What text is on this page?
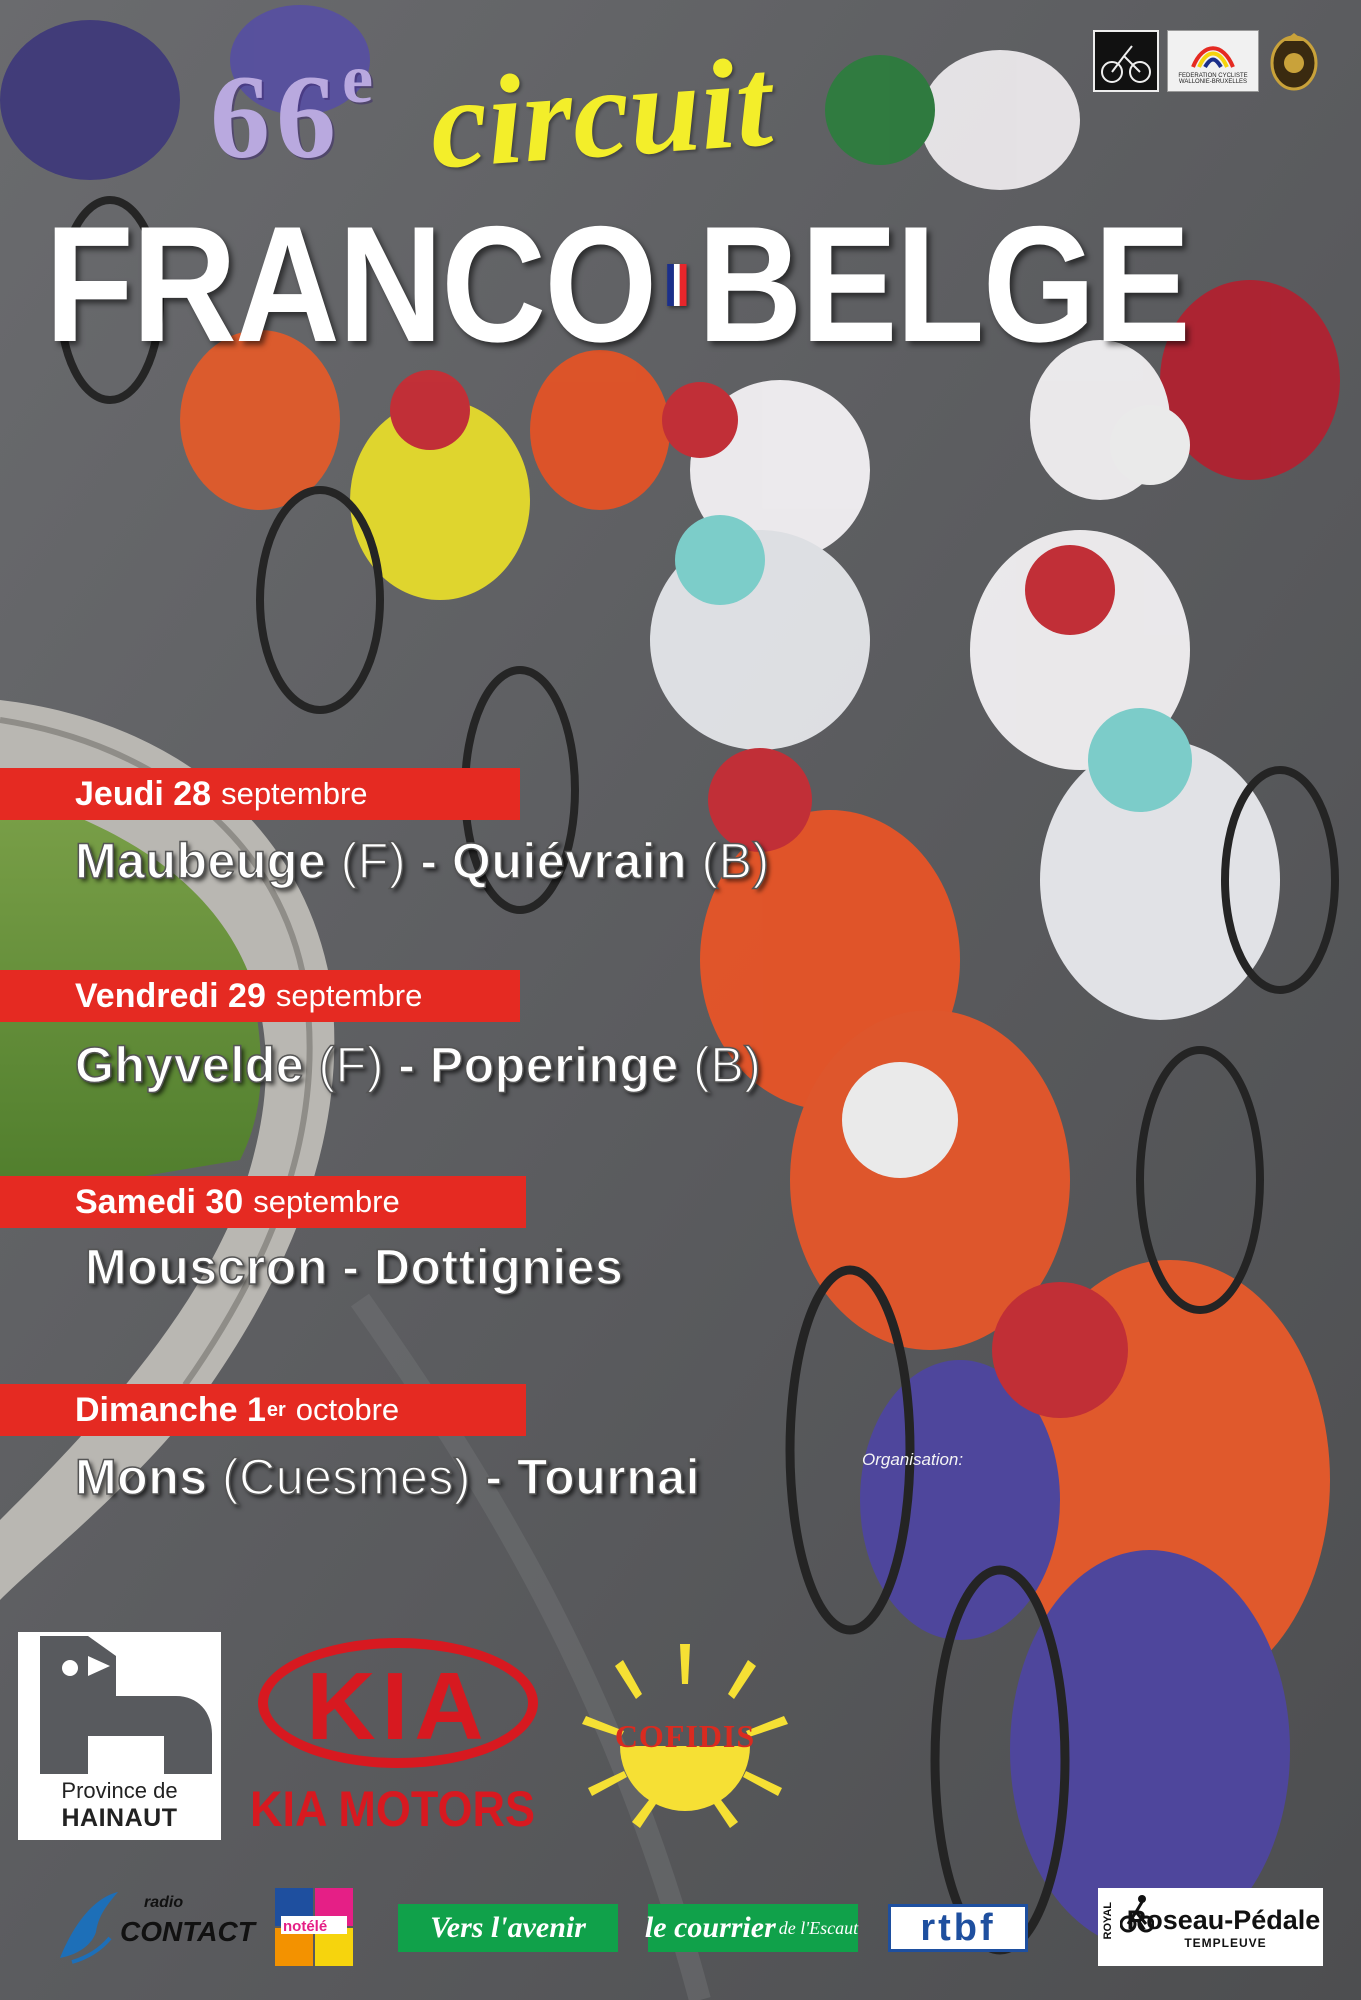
66e circuit
FRANCO BELGE
FEDERATION CYCLISTE WALLONIE-BRUXELLES
Jeudi 28 septembre
Maubeuge (F) - Quiévrain (B)
Vendredi 29 septembre
Ghyvelde (F) - Poperinge (B)
Samedi 30 septembre
Mouscron - Dottignies
Dimanche 1 er octobre
Mons (Cuesmes) - Tournai	Organisation:
Province de
HAINAUT
KIA
KIA MOTORS
COFIDIS
radio
CONTACT notélé	Vers l'avenir	le courrier de l'Escaut	rtbf	ROYAL Roseau-Pédale
TEMPLEUVE
